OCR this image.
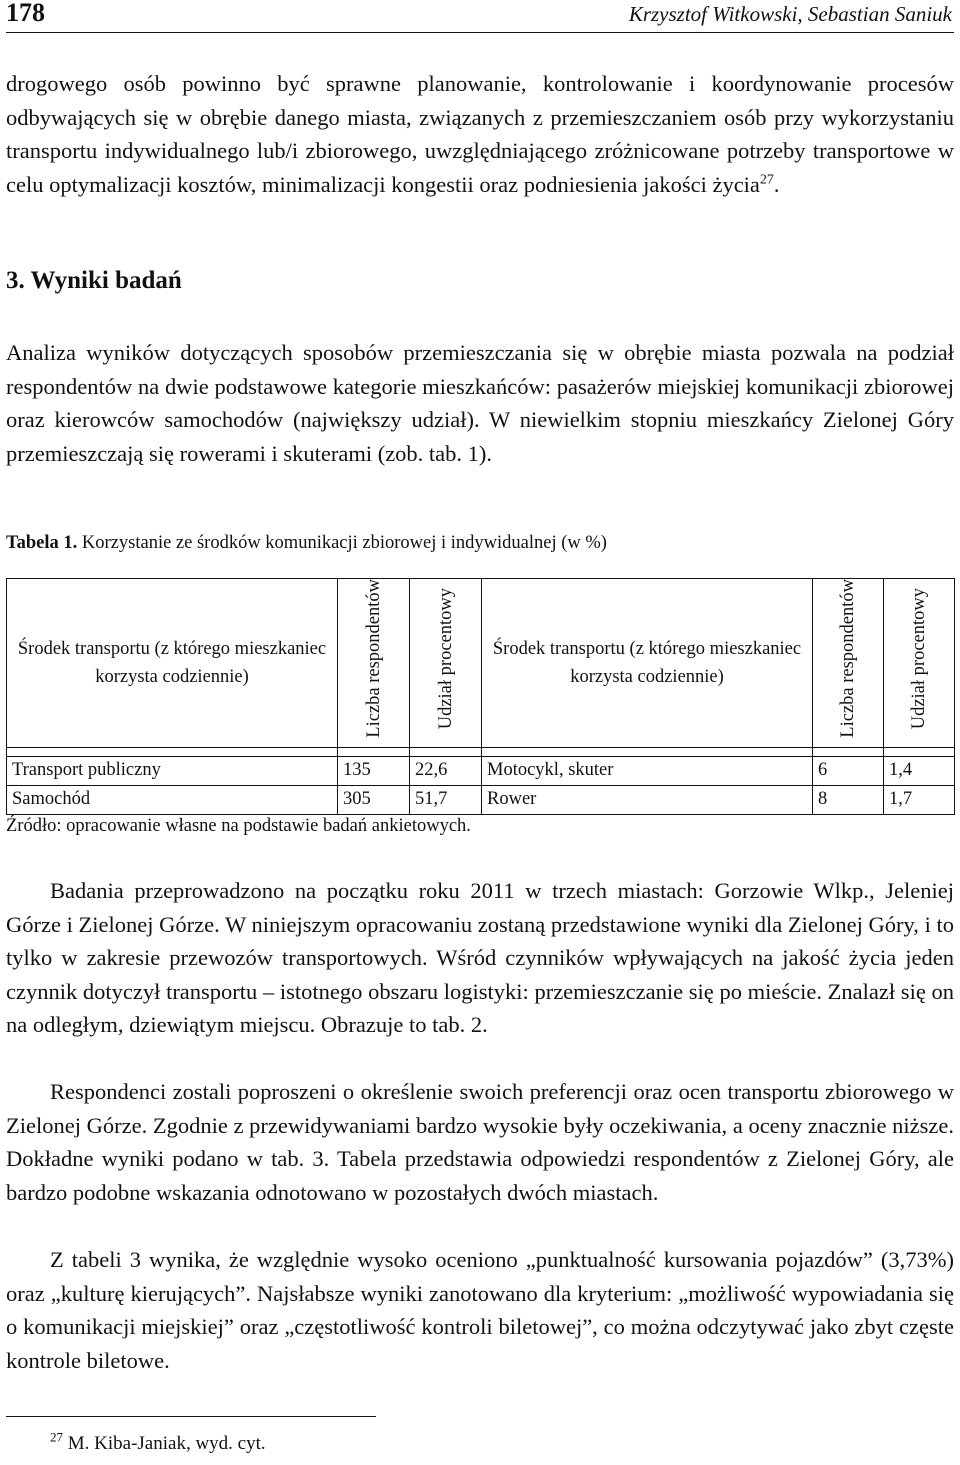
178	Krzysztof Witkowski, Sebastian Saniuk

drogowego osób powinno być sprawne planowanie, kontrolowanie i koordynowanie procesów odbywających się w obrębie danego miasta, związanych z przemieszczaniem osób przy wykorzystaniu transportu indywidualnego lub/i zbiorowego, uwzględniającego zróżnicowane potrzeby transportowe w celu optymalizacji kosztów, minimalizacji kongestii oraz podniesienia jakości życia$^{27}$.

3. Wyniki badań

Analiza wyników dotyczących sposobów przemieszczania się w obrębie miasta pozwala na podział respondentów na dwie podstawowe kategorie mieszkańców: pasażerów miejskiej komunikacji zbiorowej oraz kierowców samochodów (największy udział). W niewielkim stopniu mieszkańcy Zielonej Góry przemieszczają się rowerami i skuterami (zob. tab. 1).

Tabela 1. Korzystanie ze środków komunikacji zbiorowej i indywidualnej (w %)
Środek transportu (z którego mieszkaniec korzysta codziennie)	Liczba respondentów	Udział procentowy	Środek transportu (z którego mieszkaniec korzysta codziennie)	Liczba respondentów	Udział procentowy

Transport publiczny	135	22,6	Motocykl, skuter	6	1,4
Samochód	305	51,7	Rower	8	1,7
Źródło: opracowanie własne na podstawie badań ankietowych.

Badania przeprowadzono na początku roku 2011 w trzech miastach: Gorzowie Wlkp., Jeleniej Górze i Zielonej Górze. W niniejszym opracowaniu zostaną przedstawione wyniki dla Zielonej Góry, i to tylko w zakresie przewozów transportowych. Wśród czynników wpływających na jakość życia jeden czynnik dotyczył transportu – istotnego obszaru logistyki: przemieszczanie się po mieście. Znalazł się on na odległym, dziewiątym miejscu. Obrazuje to tab. 2.

Respondenci zostali poproszeni o określenie swoich preferencji oraz ocen transportu zbiorowego w Zielonej Górze. Zgodnie z przewidywaniami bardzo wysokie były oczekiwania, a oceny znacznie niższe. Dokładne wyniki podano w tab. 3. Tabela przedstawia odpowiedzi respondentów z Zielonej Góry, ale bardzo podobne wskazania odnotowano w pozostałych dwóch miastach.

Z tabeli 3 wynika, że względnie wysoko oceniono „punktualność kursowania pojazdów” (3,73%) oraz „kulturę kierujących”. Najsłabsze wyniki zanotowano dla kryterium: „możliwość wypowiadania się o komunikacji miejskiej” oraz „częstotliwość kontroli biletowej”, co można odczytywać jako zbyt częste kontrole biletowe.

$^{27}$ M. Kiba-Janiak, wyd. cyt.
